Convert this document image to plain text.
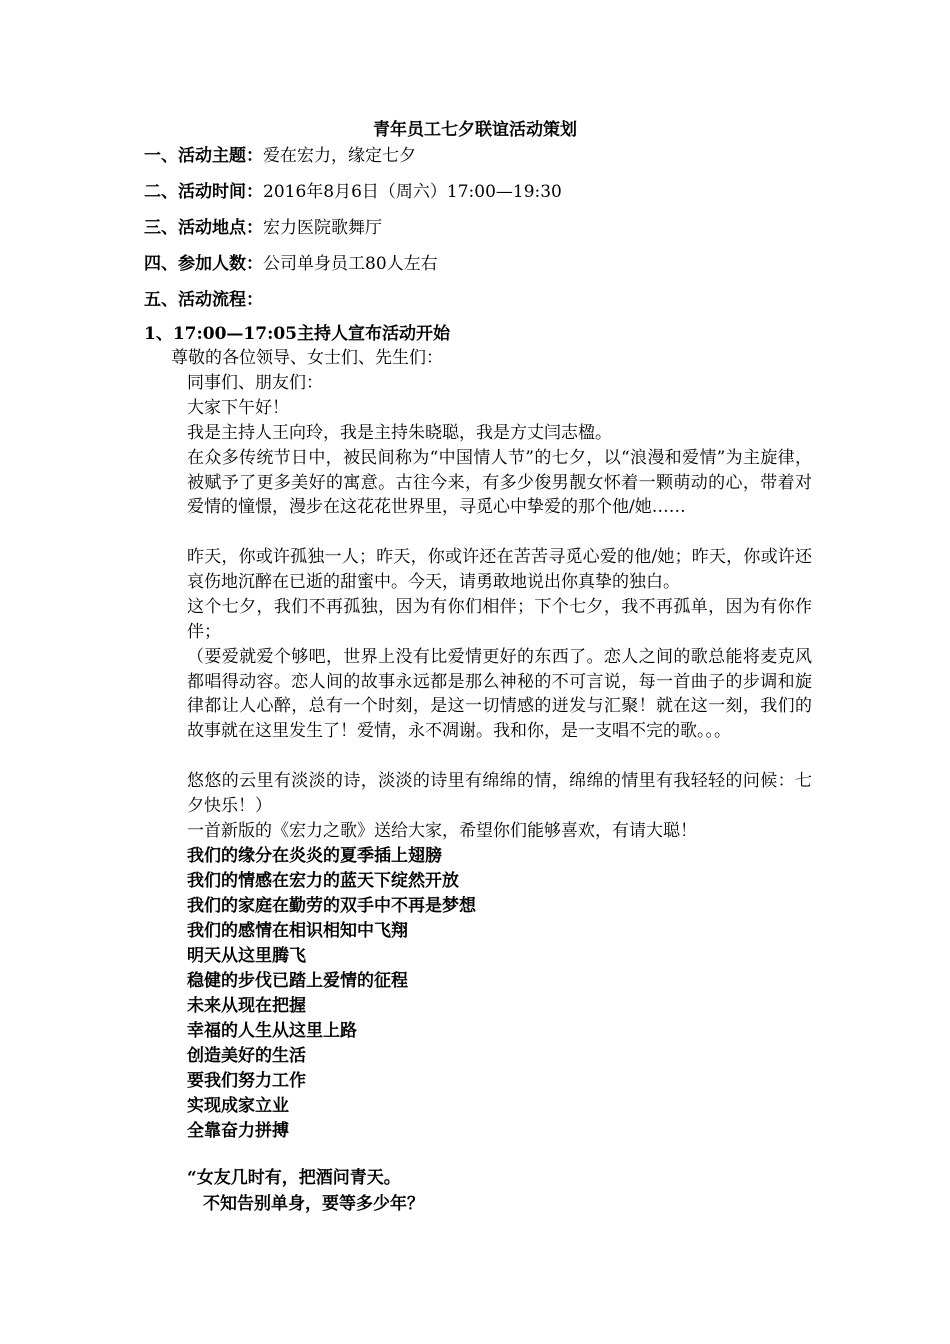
青年员工七夕联谊活动策划
一、活动主题：爱在宏力，缘定七夕
二、活动时间：2016年8月6日（周六）17:00—19:30
三、活动地点：宏力医院歌舞厅
四、参加人数：公司单身员工80人左右
五、活动流程：
1、17:00—17:05主持人宣布活动开始
尊敬的各位领导、女士们、先生们：
同事们、朋友们：
大家下午好！
我是主持人王向玲，我是主持朱晓聪，我是方丈闫志楹。
在众多传统节日中，被民间称为“中国情人节”的七夕，以“浪漫和爱情”为主旋律，被赋予了更多美好的寓意。古往今来，有多少俊男靓女怀着一颗萌动的心，带着对爱情的憧憬，漫步在这花花世界里，寻觅心中挚爱的那个他/她……
昨天，你或许孤独一人；昨天，你或许还在苦苦寻觅心爱的他/她；昨天，你或许还哀伤地沉醉在已逝的甜蜜中。今天，请勇敢地说出你真挚的独白。
这个七夕，我们不再孤独，因为有你们相伴；下个七夕，我不再孤单，因为有你作伴；
（要爱就爱个够吧，世界上没有比爱情更好的东西了。恋人之间的歌总能将麦克风都唱得动容。恋人间的故事永远都是那么神秘的不可言说，每一首曲子的步调和旋律都让人心醉，总有一个时刻，是这一切情感的迸发与汇聚！就在这一刻，我们的故事就在这里发生了！爱情，永不凋谢。我和你，是一支唱不完的歌。。。
悠悠的云里有淡淡的诗，淡淡的诗里有绵绵的情，绵绵的情里有我轻轻的问候：七夕快乐！）
一首新版的《宏力之歌》送给大家，希望你们能够喜欢，有请大聪！
我们的缘分在炎炎的夏季插上翅膀
我们的情感在宏力的蓝天下绽然开放
我们的家庭在勤劳的双手中不再是梦想
我们的感情在相识相知中飞翔
明天从这里腾飞
稳健的步伐已踏上爱情的征程
未来从现在把握
幸福的人生从这里上路
创造美好的生活
要我们努力工作
实现成家立业
全靠奋力拼搏
“女友几时有，把酒问青天。
不知告别单身，要等多少年？
